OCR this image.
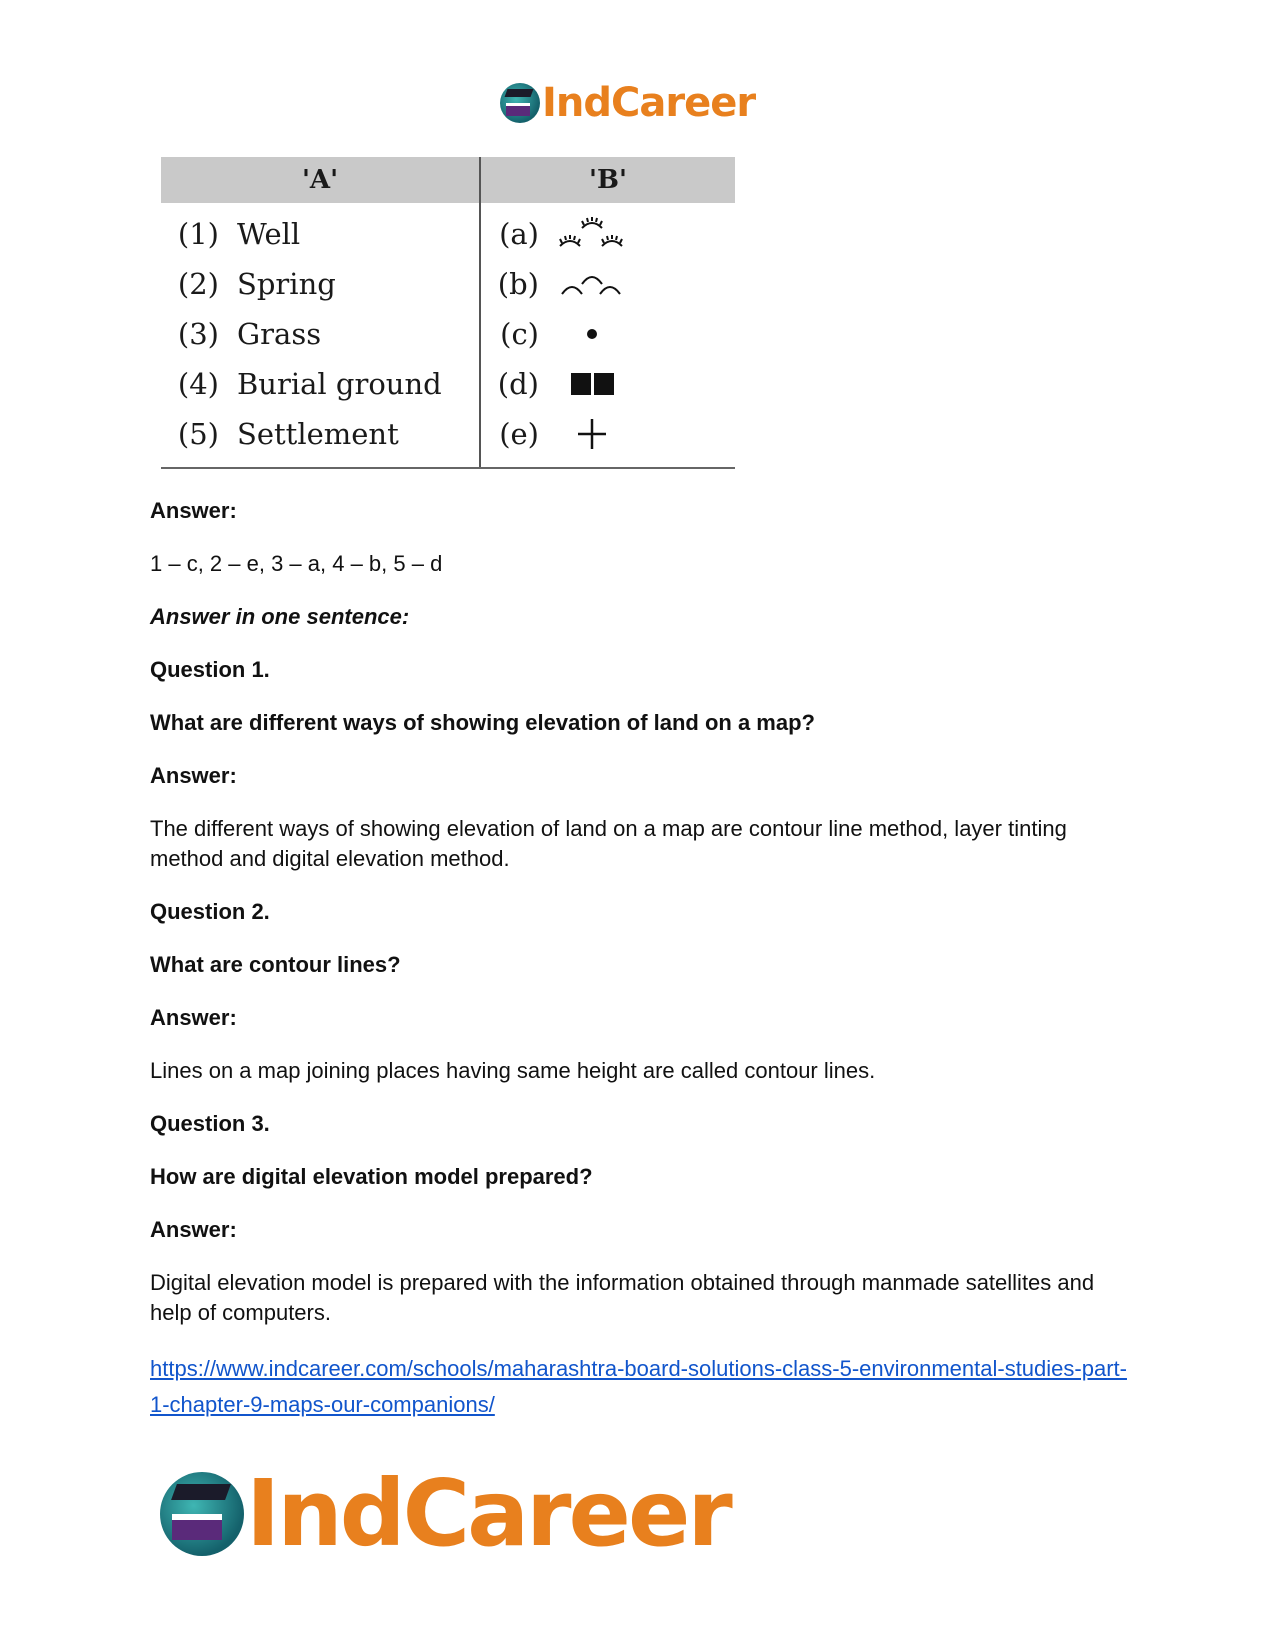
IndCareer
'A'	'B'
(1) Well
(2) Spring
(3) Grass
(4) Burial ground
(5) Settlement
(a)
(b)
(c)
(d)
(e)

Answer:

1 – c, 2 – e, 3 – a, 4 – b, 5 – d

Answer in one sentence:

Question 1.

What are different ways of showing elevation of land on a map?

Answer:

The different ways of showing elevation of land on a map are contour line method, layer tinting method and digital elevation method.

Question 2.

What are contour lines?

Answer:

Lines on a map joining places having same height are called contour lines.

Question 3.

How are digital elevation model prepared?

Answer:

Digital elevation model is prepared with the information obtained through manmade satellites and help of computers.

https://www.indcareer.com/schools/maharashtra-board-solutions-class-5-environmental-studies-part-1-chapter-9-maps-our-companions/

IndCareer
